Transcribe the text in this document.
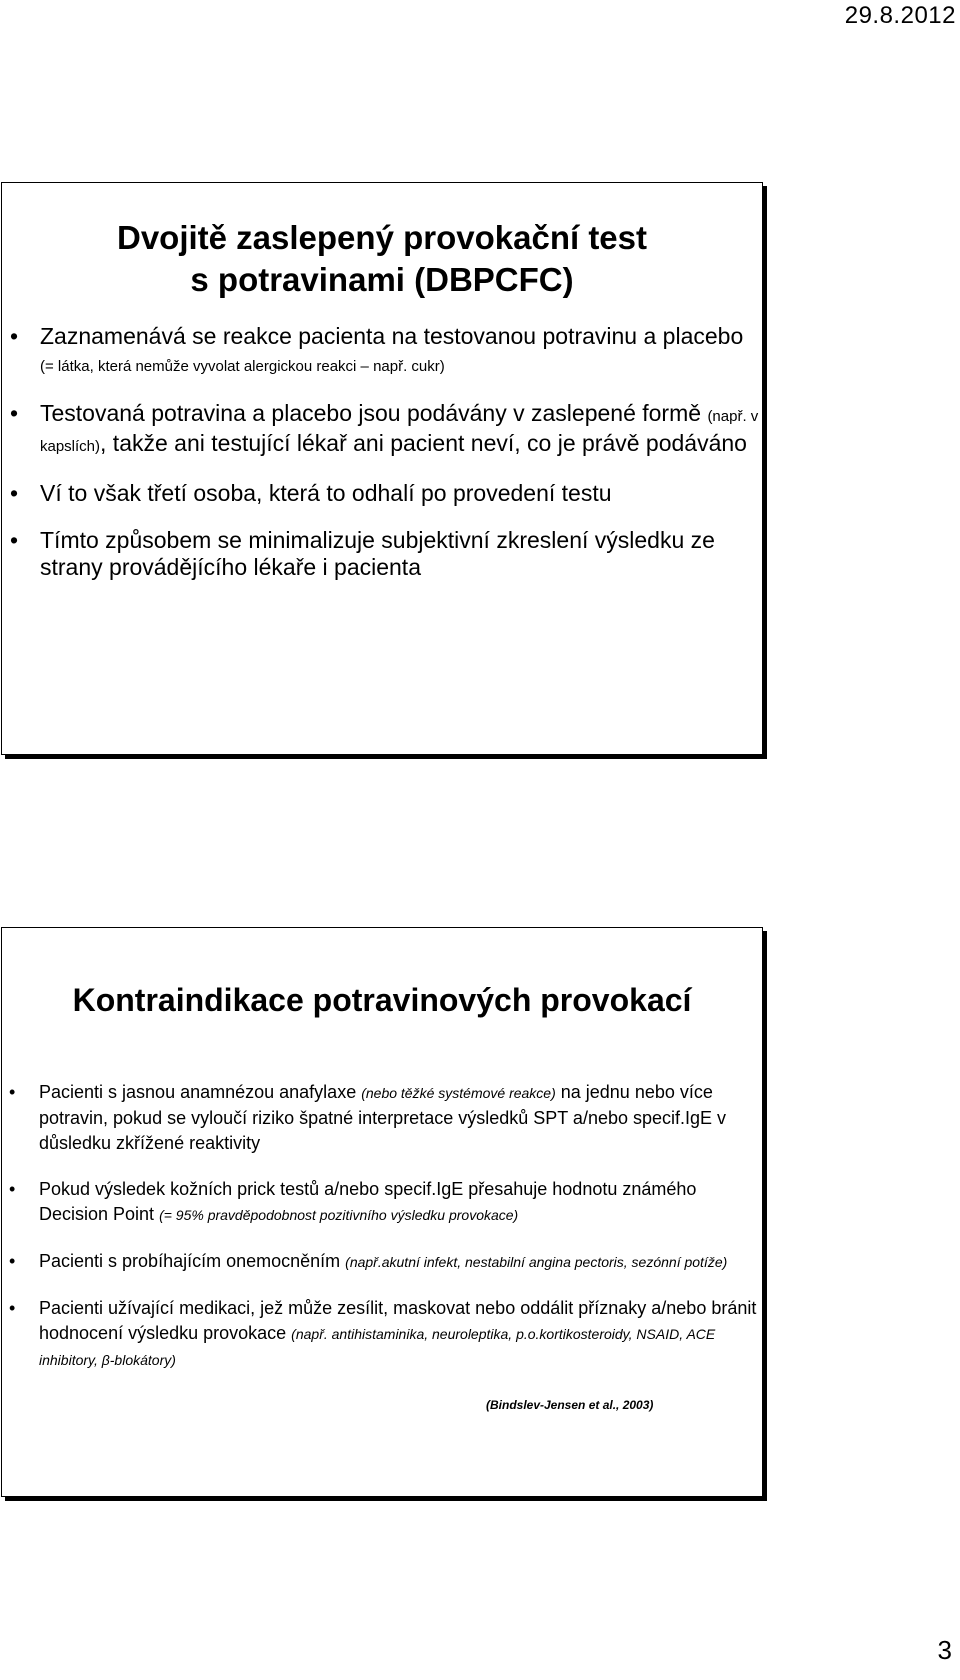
29.8.2012
Dvojitě zaslepený provokační test
s potravinami (DBPCFC)
• Zaznamenává se reakce pacienta na testovanou potravinu a placebo (= látka, která nemůže vyvolat alergickou reakci – např. cukr)
• Testovaná potravina a placebo jsou podávány v zaslepené formě (např. v kapslích), takže ani testující lékař ani pacient neví, co je právě podáváno
• Ví to však třetí osoba, která to odhalí po provedení testu
• Tímto způsobem se minimalizuje subjektivní zkreslení výsledku ze strany provádějícího lékaře i pacienta
Kontraindikace potravinových provokací
• Pacienti s jasnou anamnézou anafylaxe (nebo těžké systémové reakce) na jednu nebo více potravin, pokud se vyloučí riziko špatné interpretace výsledků SPT a/nebo specif.IgE v důsledku zkřížené reaktivity
• Pokud výsledek kožních prick testů a/nebo specif.IgE přesahuje hodnotu známého Decision Point (= 95% pravděpodobnost pozitivního výsledku provokace)
• Pacienti s probíhajícím onemocněním (např.akutní infekt, nestabilní angina pectoris, sezónní potíže)
• Pacienti užívající medikaci, jež může zesílit, maskovat nebo oddálit příznaky a/nebo bránit hodnocení výsledku provokace (např. antihistaminika, neuroleptika, p.o.kortikosteroidy, NSAID, ACE inhibitory, β-blokátory)
(Bindslev-Jensen et al., 2003)
3
